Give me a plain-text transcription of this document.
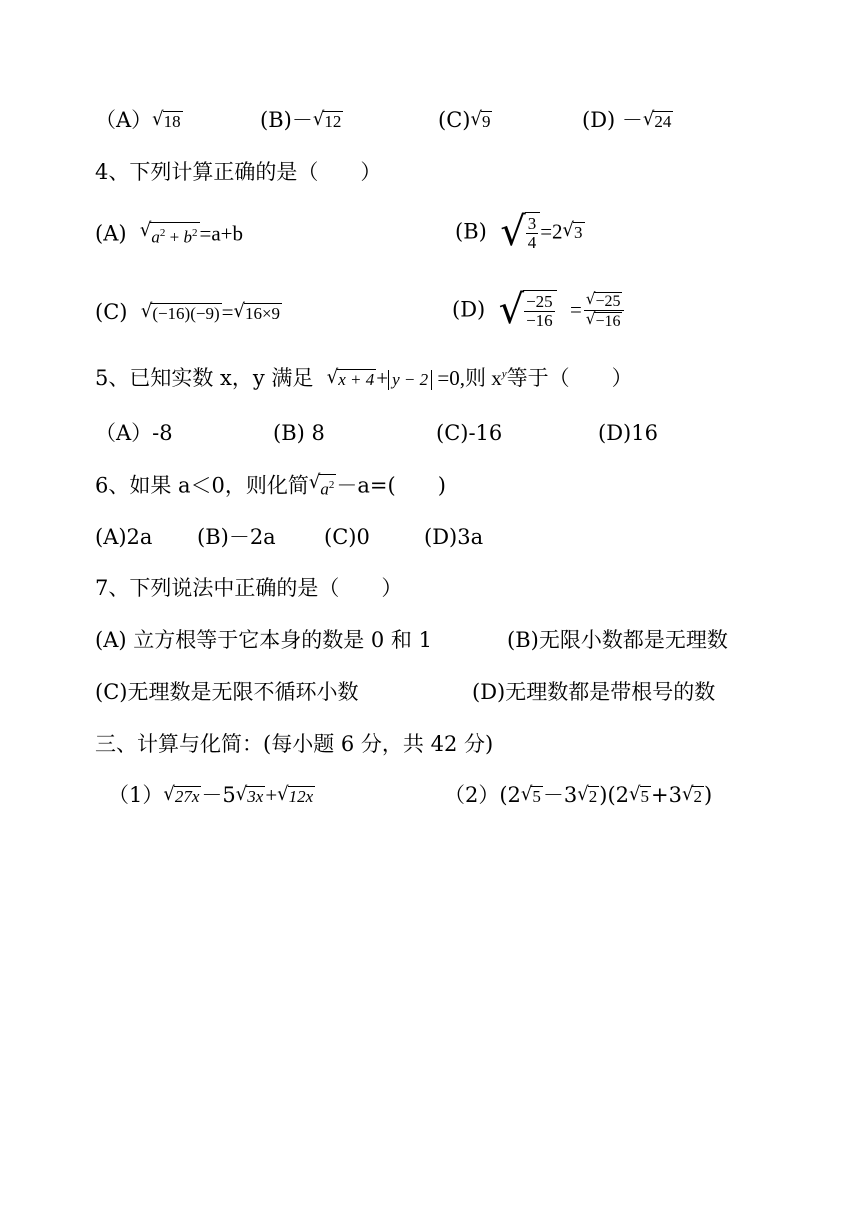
（A） √ 18	(B)－ √ 12	(C) √ 9	(D) － √ 24
4、下列计算正确的是（　　）
(A) √ $a^2 + b^2 =a+b$	(B) √ $\frac{3}{4} =2$ √ 3
(C) √ (−16)(−9) = √ 16×9	(D) √ $\frac{-25}{-16} = \frac{√ -25}{√ -16}$
5、已知实数 x，y 满足 √ x + 4 + y − 2 =0,则 $x^y$等于（　　）
（A）-8	(B) 8	(C)-16	(D)16
6、如果 a＜0，则化简 √ $a^2 -a=$(　　)
(A)2a (B)－2a (C)0	(D)3a
7、下列说法中正确的是（　　）
(A) 立方根等于它本身的数是 0 和 1	(B)无限小数都是无理数
(C)无理数是无限不循环小数	(D)无理数都是带根号的数
三、计算与化简：(每小题 6 分，共 42 分)
（1） √ 27x －5 √ 3x + √ 12x	（2）(2 √ 5 －3 √ 2 )(2 √ 5 +3 √ 2 )
